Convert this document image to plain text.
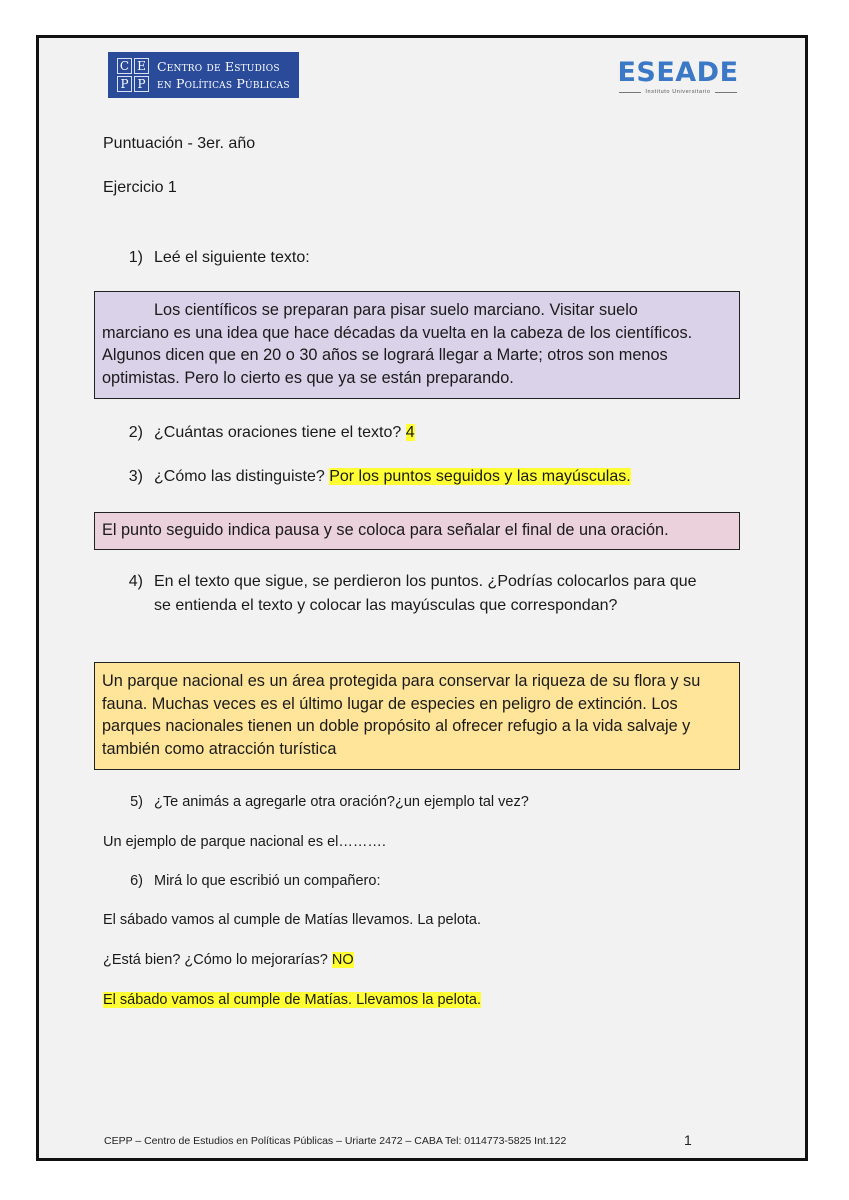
C E
P P
Centro de Estudios
en Políticas Públicas	ESEADE
Instituto Universitario
Puntuación - 3er. año
Ejercicio 1
1) Leé el siguiente texto:

Los científicos se preparan para pisar suelo marciano. Visitar suelo

marciano es una idea que hace décadas da vuelta en la cabeza de los científicos.

Algunos dicen que en 20 o 30 años se logrará llegar a Marte; otros son menos

optimistas. Pero lo cierto es que ya se están preparando.

2) ¿Cuántas oraciones tiene el texto? 4
3) ¿Cómo las distinguiste? Por los puntos seguidos y las mayúsculas.

El punto seguido indica pausa y se coloca para señalar el final de una oración.

4) En el texto que sigue, se perdieron los puntos. ¿Podrías colocarlos para que
se entienda el texto y colocar las mayúsculas que correspondan?

Un parque nacional es un área protegida para conservar la riqueza de su flora y su

fauna. Muchas veces es el último lugar de especies en peligro de extinción. Los

parques nacionales tienen un doble propósito al ofrecer refugio a la vida salvaje y

también como atracción turística

5) ¿Te animás a agregarle otra oración?¿un ejemplo tal vez?
Un ejemplo de parque nacional es el……….
6) Mirá lo que escribió un compañero:
El sábado vamos al cumple de Matías llevamos. La pelota.
¿Está bien? ¿Cómo lo mejorarías? NO
El sábado vamos al cumple de Matías. Llevamos la pelota.
CEPP – Centro de Estudios en Políticas Públicas – Uriarte 2472 – CABA Tel: 0114773-5825 Int.122	1
